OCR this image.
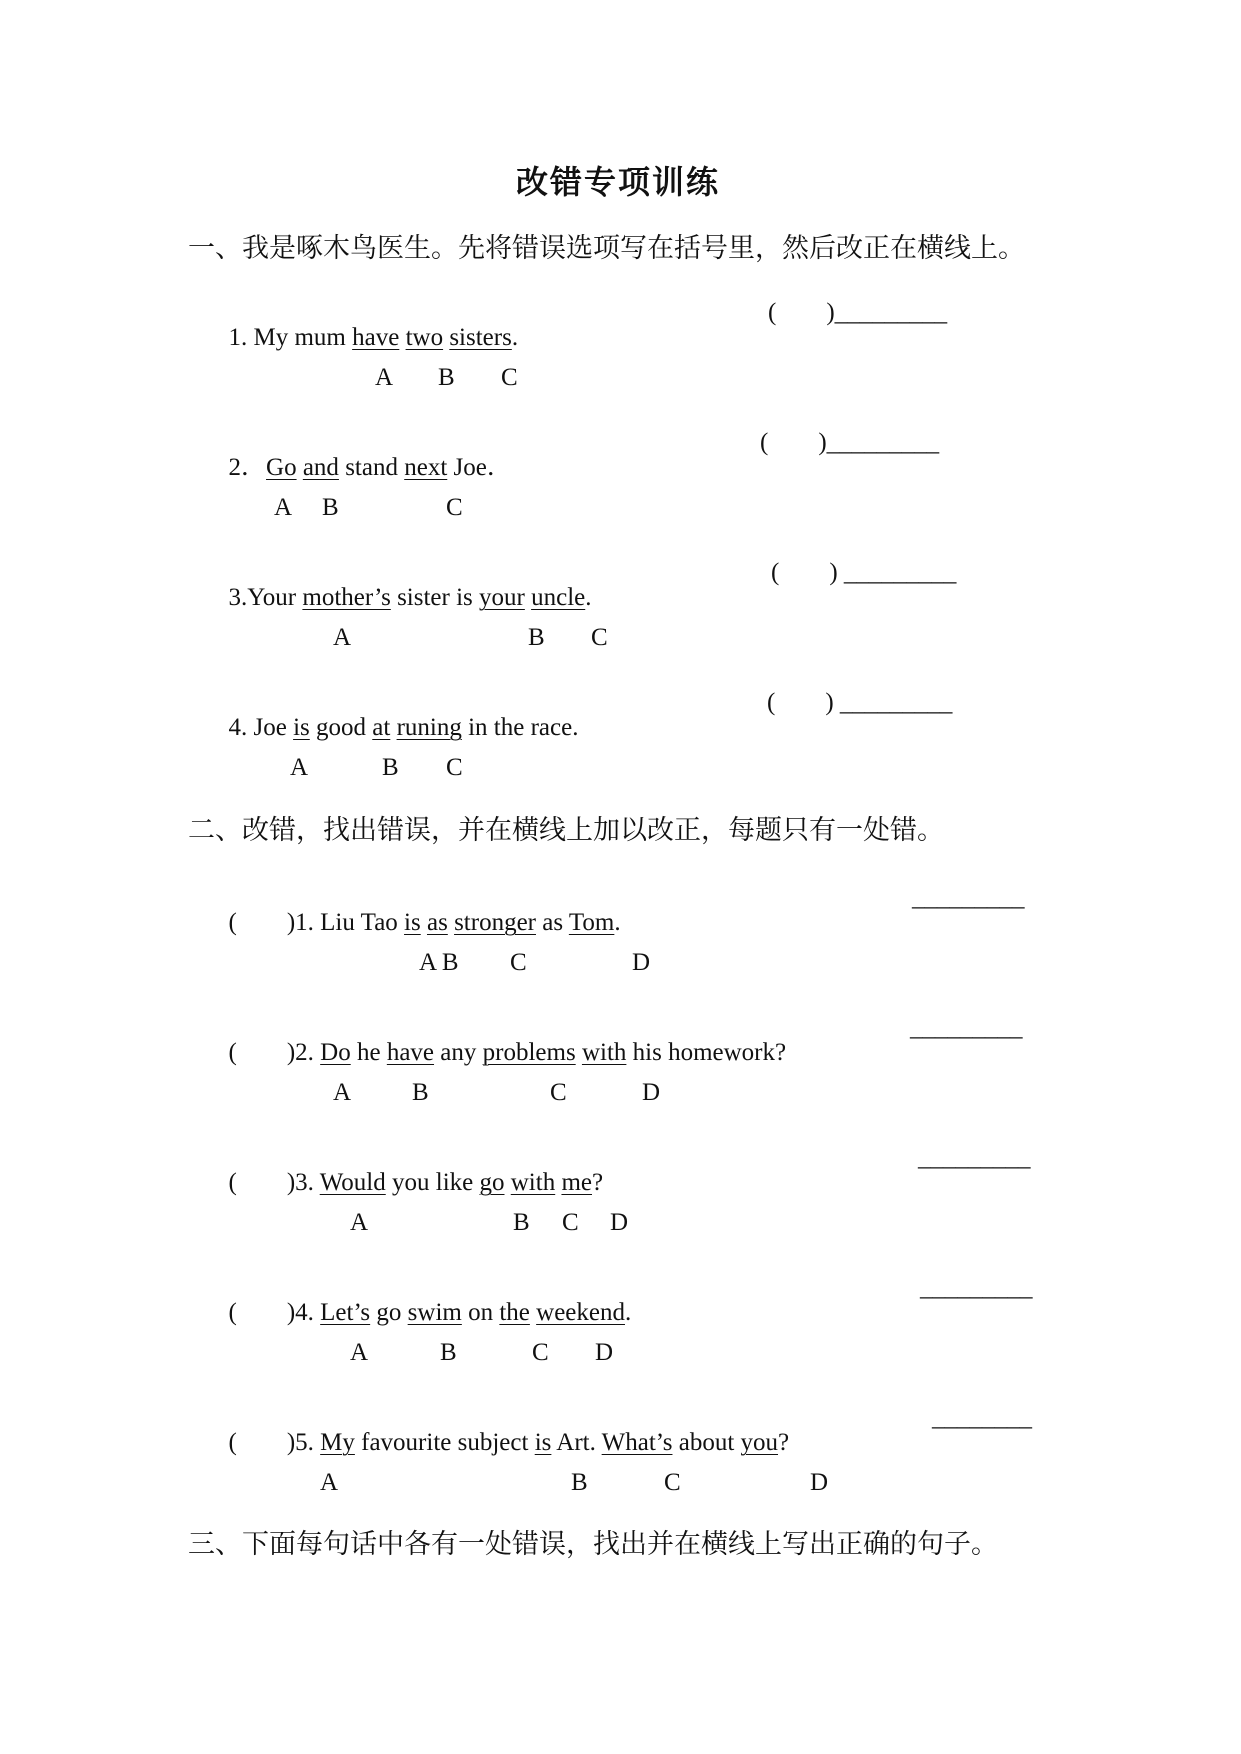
改错专项训练
一、我是啄木鸟医生。先将错误选项写在括号里，然后改正在横线上。

1. My mum have two sisters.

(        )_________
A B C

2．Go and stand next Joe．

(        )_________
A B	C

3.Your mother’s sister is your uncle.

(        ) _________
A	B C

4. Joe is good at runing in the race.

(        ) _________
A	B C
二、改错，找出错误，并在横线上加以改正，每题只有一处错。

(        )1. Liu Tao is as stronger as Tom.

_________
A B C	D

(        )2. Do he have any problems with his homework?

_________
A B	C	D

(        )3. Would you like go with me?

_________
A	B C D

(        )4. Let’s go swim on the weekend.

_________
A	B	C D

(        )5. My favourite subject is Art. What’s about you?

________
A	B	C	D
三、下面每句话中各有一处错误，找出并在横线上写出正确的句子。
